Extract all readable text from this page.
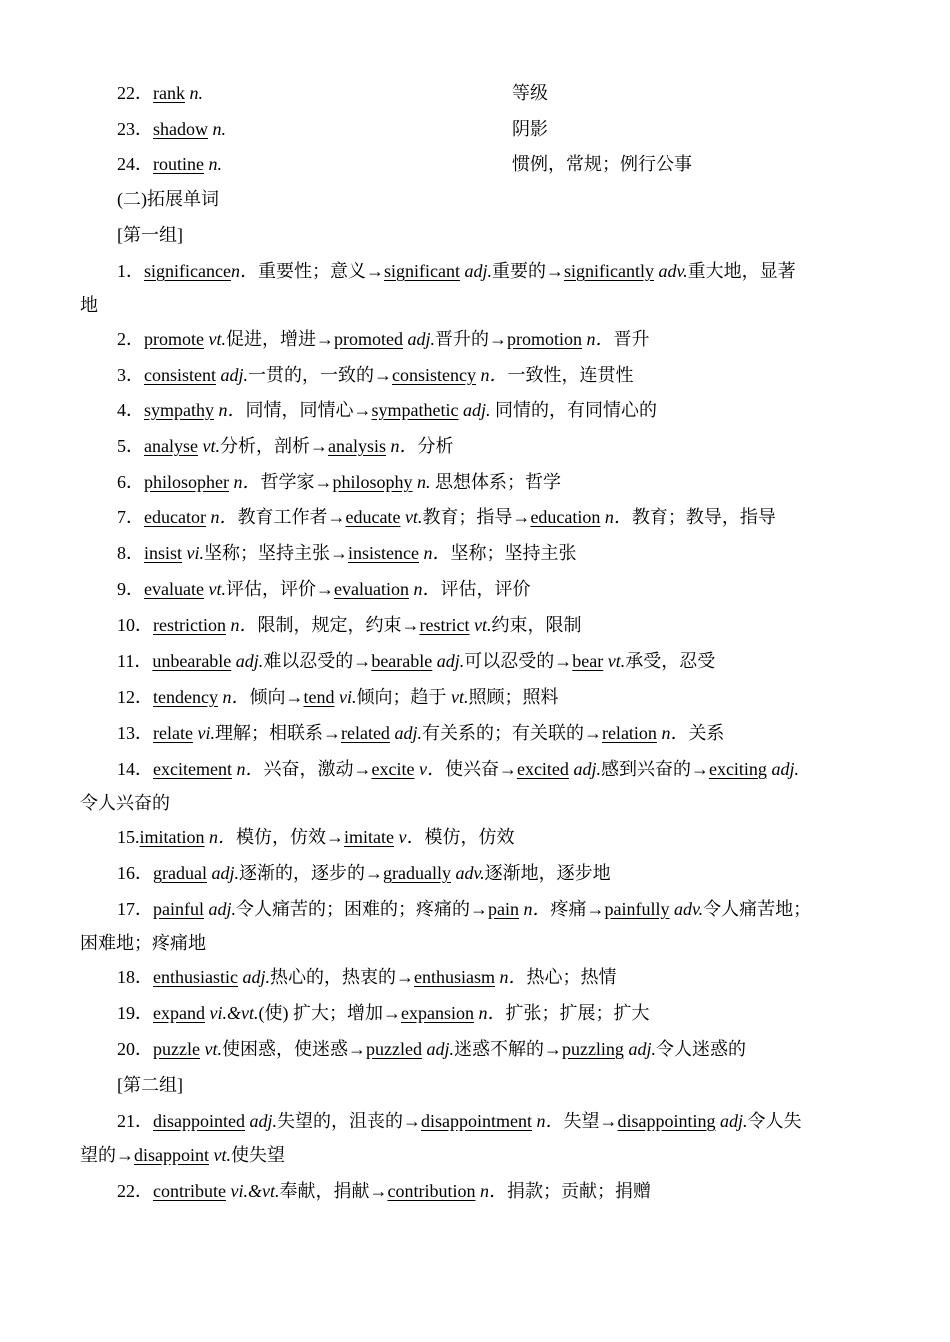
22．rank n.	等级
23．shadow n.	阴影
24．routine n.	惯例，常规；例行公事
(二)拓展单词
[第一组]
1．significancen．重要性；意义→significant adj.重要的→significantly adv.重大地，显著
地
2．promote vt.促进，增进→promoted adj.晋升的→promotion n．晋升
3．consistent adj.一贯的，一致的→consistency n．一致性，连贯性
4．sympathy n．同情，同情心→sympathetic adj. 同情的，有同情心的
5．analyse vt.分析，剖析→analysis n．分析
6．philosopher n．哲学家→philosophy n. 思想体系；哲学
7．educator n．教育工作者→educate vt.教育；指导→education n．教育；教导，指导
8．insist vi.坚称；坚持主张→insistence n．坚称；坚持主张
9．evaluate vt.评估，评价→evaluation n．评估，评价
10．restriction n．限制，规定，约束→restrict vt.约束，限制
11．unbearable adj.难以忍受的→bearable adj.可以忍受的→bear vt.承受，忍受
12．tendency n．倾向→tend vi.倾向；趋于 vt.照顾；照料
13．relate vi.理解；相联系→related adj.有关系的；有关联的→relation n．关系
14．excitement n．兴奋，激动→excite v．使兴奋→excited adj.感到兴奋的→exciting adj.
令人兴奋的
15.imitation n．模仿，仿效→imitate v．模仿，仿效
16．gradual adj.逐渐的，逐步的→gradually adv.逐渐地，逐步地
17．painful adj.令人痛苦的；困难的；疼痛的→pain n．疼痛→painfully adv.令人痛苦地；
困难地；疼痛地
18．enthusiastic adj.热心的，热衷的→enthusiasm n．热心；热情
19．expand vi.&vt.(使) 扩大；增加→expansion n．扩张；扩展；扩大
20．puzzle vt.使困惑，使迷惑→puzzled adj.迷惑不解的→puzzling adj.令人迷惑的
[第二组]
21．disappointed adj.失望的，沮丧的→disappointment n．失望→disappointing adj.令人失
望的→disappoint vt.使失望
22．contribute vi.&vt.奉献，捐献→contribution n．捐款；贡献；捐赠
